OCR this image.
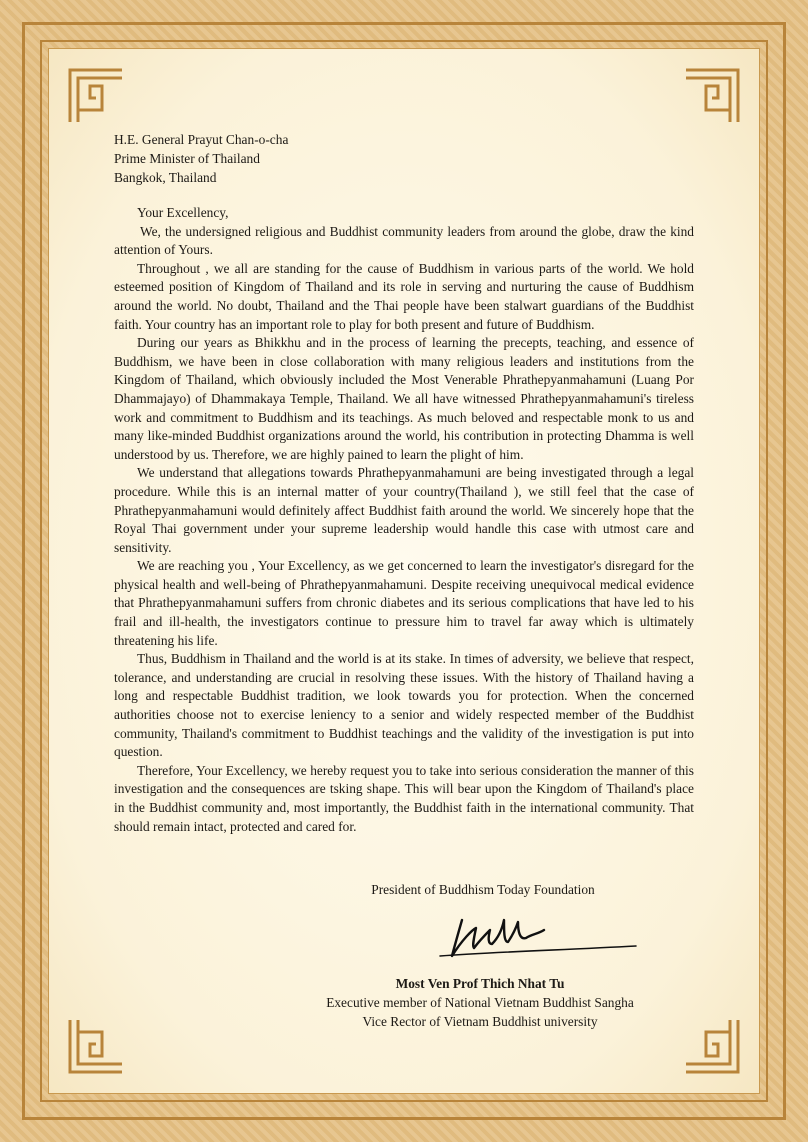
H.E. General Prayut Chan-o-cha

Prime Minister of Thailand

Bangkok, Thailand

Your Excellency,

We, the undersigned religious and Buddhist community leaders from around the globe, draw the kind attention of Yours.

Throughout , we all are standing for the cause of Buddhism in various parts of the world. We hold esteemed position of Kingdom of Thailand and its role in serving and nurturing the cause of Buddhism around the world. No doubt, Thailand and the Thai people have been stalwart guardians of the Buddhist faith. Your country has an important role to play for both present and future of Buddhism.

During our years as Bhikkhu and in the process of learning the precepts, teaching, and essence of Buddhism, we have been in close collaboration with many religious leaders and institutions from the Kingdom of Thailand, which obviously included the Most Venerable Phrathepyanmahamuni (Luang Por Dhammajayo) of Dhammakaya Temple, Thailand. We all have witnessed Phrathepyanmahamuni's tireless work and commitment to Buddhism and its teachings. As much beloved and respectable monk to us and many like-minded Buddhist organizations around the world, his contribution in protecting Dhamma is well understood by us. Therefore, we are highly pained to learn the plight of him.

We understand that allegations towards Phrathepyanmahamuni are being investigated through a legal procedure. While this is an internal matter of your country(Thailand ), we still feel that the case of Phrathepyanmahamuni would definitely affect Buddhist faith around the world. We sincerely hope that the Royal Thai government under your supreme leadership would handle this case with utmost care and sensitivity.

We are reaching you , Your Excellency, as we get concerned to learn the investigator's disregard for the physical health and well-being of Phrathepyanmahamuni. Despite receiving unequivocal medical evidence that Phrathepyanmahamuni suffers from chronic diabetes and its serious complications that have led to his frail and ill-health, the investigators continue to pressure him to travel far away which is ultimately threatening his life.

Thus, Buddhism in Thailand and the world is at its stake. In times of adversity, we believe that respect, tolerance, and understanding are crucial in resolving these issues. With the history of Thailand having a long and respectable Buddhist tradition, we look towards you for protection. When the concerned authorities choose not to exercise leniency to a senior and widely respected member of the Buddhist community, Thailand's commitment to Buddhist teachings and the validity of the investigation is put into question.

Therefore, Your Excellency, we hereby request you to take into serious consideration the manner of this investigation and the consequences are tsking shape. This will bear upon the Kingdom of Thailand's place in the Buddhist community and, most importantly, the Buddhist faith in the international community. That should remain intact, protected and cared for.

President of Buddhism Today Foundation
Most Ven Prof Thich Nhat Tu
Executive member of National Vietnam Buddhist Sangha
Vice Rector of Vietnam Buddhist university
